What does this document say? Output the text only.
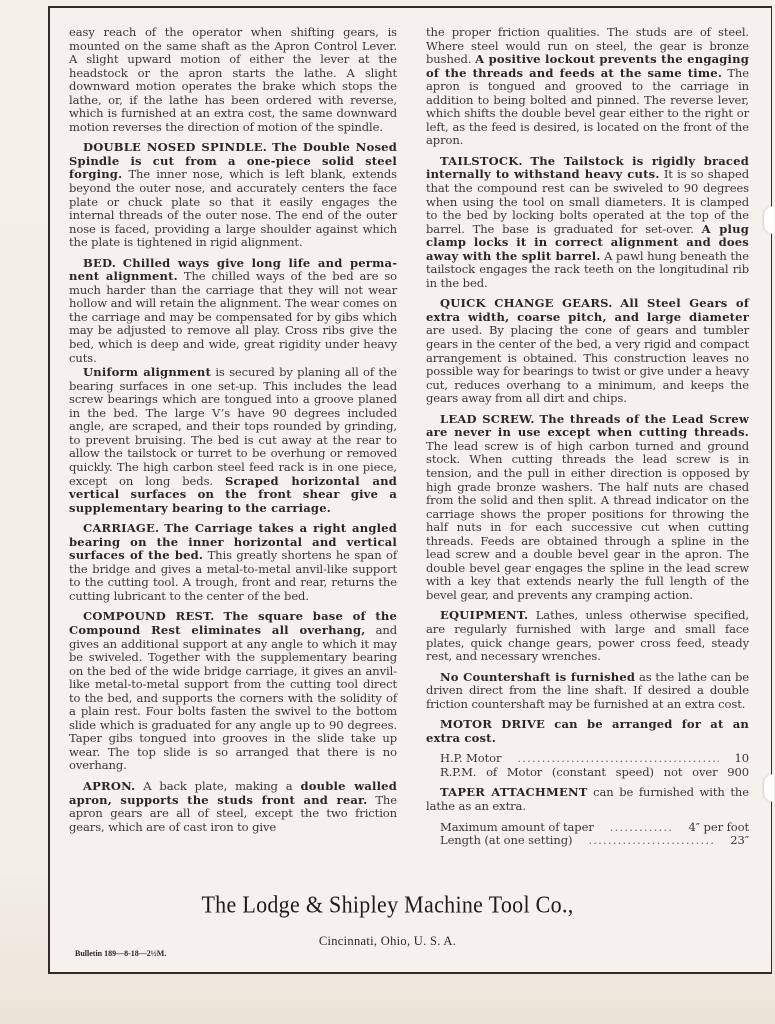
easy reach of the operator when shifting gears, is mounted on the same shaft as the Apron Control Lever. A slight upward motion of either the lever at the headstock or the apron starts the lathe. A slight downward motion operates the brake which stops the lathe, or, if the lathe has been ordered with reverse, which is furnished at an extra cost, the same downward motion reverses the direction of motion of the spindle.

DOUBLE NOSED SPINDLE. The Double Nosed Spindle is cut from a one-piece solid steel forging. The inner nose, which is left blank, extends beyond the outer nose, and accurately centers the face plate or chuck plate so that it easily engages the internal threads of the outer nose. The end of the outer nose is faced, providing a large shoulder against which the plate is tightened in rigid alignment.

BED. Chilled ways give long life and permanent alignment. The chilled ways of the bed are so much harder than the carriage that they will not wear hollow and will retain the alignment. The wear comes on the carriage and may be compensated for by gibs which may be adjusted to remove all play. Cross ribs give the bed, which is deep and wide, great rigidity under heavy cuts.

Uniform alignment is secured by planing all of the bearing surfaces in one set-up. This includes the lead screw bearings which are tongued into a groove planed in the bed. The large V’s have 90 degrees included angle, are scraped, and their tops rounded by grinding, to prevent bruising. The bed is cut away at the rear to allow the tailstock or turret to be overhung or removed quickly. The high carbon steel feed rack is in one piece, except on long beds. Scraped horizontal and vertical surfaces on the front shear give a supplementary bearing to the carriage.

CARRIAGE. The Carriage takes a right angled bearing on the inner horizontal and vertical surfaces of the bed. This greatly shortens he span of the bridge and gives a metal-to-metal anvil-like support to the cutting tool. A trough, front and rear, returns the cutting lubricant to the center of the bed.

COMPOUND REST. The square base of the Compound Rest eliminates all overhang, and gives an additional support at any angle to which it may be swiveled. Together with the supplementary bearing on the bed of the wide bridge carriage, it gives an anvil-like metal-to-metal support from the cutting tool direct to the bed, and supports the corners with the solidity of a plain rest. Four bolts fasten the swivel to the bottom slide which is graduated for any angle up to 90 degrees. Taper gibs tongued into grooves in the slide take up wear. The top slide is so arranged that there is no overhang.

APRON. A back plate, making a double walled apron, supports the studs front and rear. The apron gears are all of steel, except the two friction gears, which are of cast iron to give

the proper friction qualities. The studs are of steel. Where steel would run on steel, the gear is bronze bushed. A positive lockout prevents the engaging of the threads and feeds at the same time. The apron is tongued and grooved to the carriage in addition to being bolted and pinned. The reverse lever, which shifts the double bevel gear either to the right or left, as the feed is desired, is located on the front of the apron.

TAILSTOCK. The Tailstock is rigidly braced internally to withstand heavy cuts. It is so shaped that the compound rest can be swiveled to 90 degrees when using the tool on small diameters. It is clamped to the bed by locking bolts operated at the top of the barrel. The base is graduated for set-over. A plug clamp locks it in correct alignment and does away with the split barrel. A pawl hung beneath the tailstock engages the rack teeth on the longitudinal rib in the bed.

QUICK CHANGE GEARS. All Steel Gears of extra width, coarse pitch, and large diameter are used. By placing the cone of gears and tumbler gears in the center of the bed, a very rigid and compact arrangement is obtained. This construction leaves no possible way for bearings to twist or give under a heavy cut, reduces overhang to a minimum, and keeps the gears away from all dirt and chips.

LEAD SCREW. The threads of the Lead Screw are never in use except when cutting threads. The lead screw is of high carbon turned and ground stock. When cutting threads the lead screw is in tension, and the pull in either direction is opposed by high grade bronze washers. The half nuts are chased from the solid and then split. A thread indicator on the carriage shows the proper positions for throwing the half nuts in for each successive cut when cutting threads. Feeds are obtained through a spline in the lead screw and a double bevel gear in the apron. The double bevel gear engages the spline in the lead screw with a key that extends nearly the full length of the bevel gear, and prevents any cramping action.

EQUIPMENT. Lathes, unless otherwise specified, are regularly furnished with large and small face plates, quick change gears, power cross feed, steady rest, and necessary wrenches.

No Countershaft is furnished as the lathe can be driven direct from the line shaft. If desired a double friction countershaft may be furnished at an extra cost.

MOTOR DRIVE can be arranged for at an extra cost.

H.P. Motor .....	10

R.P.M. of Motor (constant speed) not over 900

TAPER ATTACHMENT can be furnished with the lathe as an extra.

Maximum amount of taper .....	4″ per foot

Length (at one setting) .....	23″

The Lodge & Shipley Machine Tool Co.,
Cincinnati, Ohio, U. S. A.
Bulletin 189—8-18—2½M.
